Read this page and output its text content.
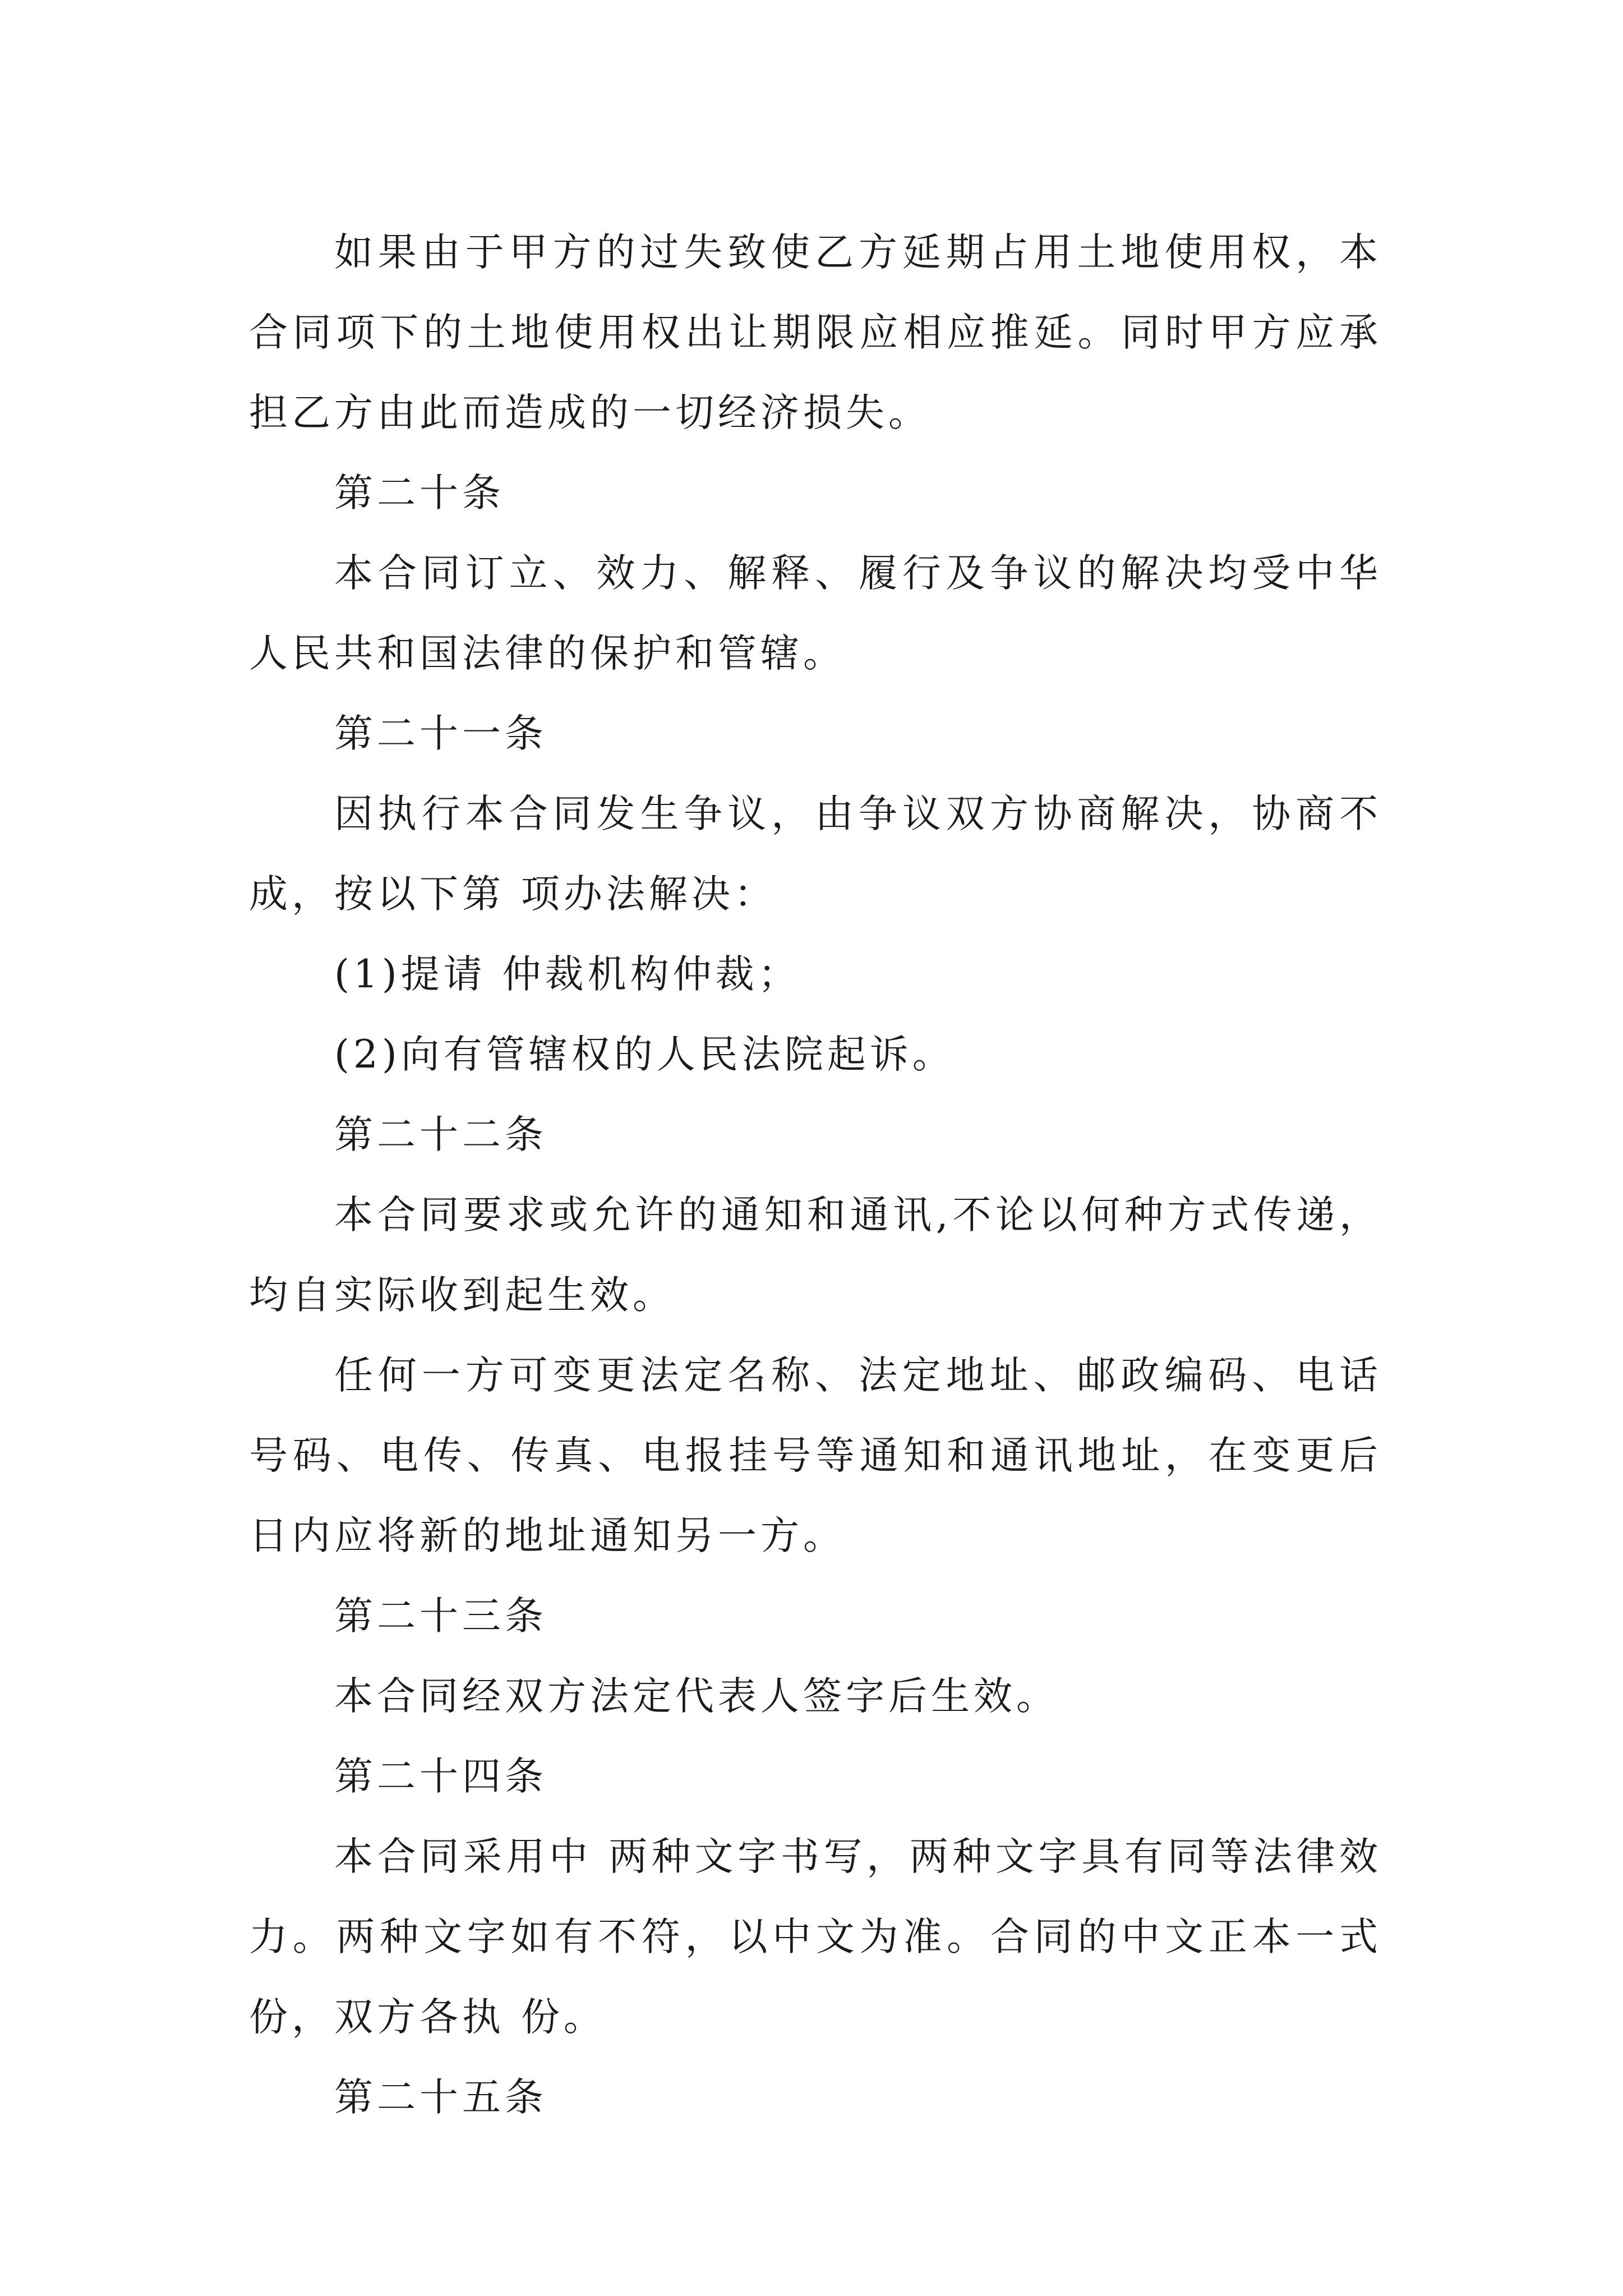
如果由于甲方的过失致使乙方延期占用土地使用权，本合同项下的土地使用权出让期限应相应推延。同时甲方应承担乙方由此而造成的一切经济损失。

第二十条

本合同订立、效力、解释、履行及争议的解决均受中华人民共和国法律的保护和管辖。

第二十一条

因执行本合同发生争议，由争议双方协商解决，协商不成，按以下第 项办法解决：

(1)提请 仲裁机构仲裁；

(2)向有管辖权的人民法院起诉。

第二十二条

本合同要求或允许的通知和通讯,不论以何种方式传递，均自实际收到起生效。

任何一方可变更法定名称、法定地址、邮政编码、电话号码、电传、传真、电报挂号等通知和通讯地址，在变更后 日内应将新的地址通知另一方。

第二十三条

本合同经双方法定代表人签字后生效。

第二十四条

本合同采用中 两种文字书写，两种文字具有同等法律效力。两种文字如有不符，以中文为准。合同的中文正本一式 份，双方各执 份。

第二十五条
